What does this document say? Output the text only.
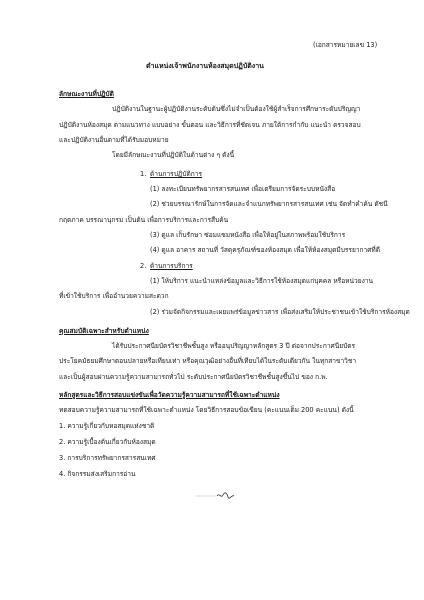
(เอกสารหมายเลข 13)
ตำแหน่งเจ้าพนักงานห้องสมุดปฏิบัติงาน
ลักษณะงานที่ปฏิบัติ
ปฏิบัติงานในฐานะผู้ปฏิบัติงานระดับต้นซึ่งไม่จำเป็นต้องใช้ผู้สำเร็จการศึกษาระดับปริญญา
ปฏิบัติงานห้องสมุด ตามแนวทาง แบบอย่าง ขั้นตอน และวิธีการที่ชัดเจน ภายใต้การกำกับ แนะนำ ตรวจสอบ
และปฏิบัติงานอื่นตามที่ได้รับมอบหมาย
โดยมีลักษณะงานที่ปฏิบัติในด้านต่าง ๆ ดังนี้
1. ด้านการปฏิบัติการ
(1) ลงทะเบียนทรัพยากรสารสนเทศ เพื่อเตรียมการจัดระบบหนังสือ
(2) ช่วยบรรณารักษ์ในการจัดและจำแนกทรัพยากรสารสนเทศ เช่น จัดทำคำค้น ดัชนี
กฤตภาค บรรณานุกรม เป็นต้น เพื่อการบริการและการสืบค้น
(3) ดูแล เก็บรักษา ซ่อมแซมหนังสือ เพื่อให้อยู่ในสภาพพร้อมใช้บริการ
(4) ดูแล อาคาร สถานที่ วัสดุครุภัณฑ์ของห้องสมุด เพื่อให้ห้องสมุดมีบรรยากาศที่ดี
2. ด้านการบริการ
(1) ให้บริการ แนะนำแหล่งข้อมูลและวิธีการใช้ห้องสมุดแก่บุคคล หรือหน่วยงาน
ที่เข้าใช้บริการ เพื่ออำนวยความสะดวก
(2) ร่วมจัดกิจกรรมและเผยแพร่ข้อมูลข่าวสาร เพื่อส่งเสริมให้ประชาชนเข้าใช้บริการห้องสมุด
คุณสมบัติเฉพาะสำหรับตำแหน่ง
ได้รับประกาศนียบัตรวิชาชีพชั้นสูง หรืออนุปริญญาหลักสูตร 3 ปี ต่อจากประกาศนียบัตร
ประโยคมัธยมศึกษาตอนปลายหรือเทียบเท่า หรือคุณวุฒิอย่างอื่นที่เทียบได้ในระดับเดียวกัน ในทุกสาขาวิชา
และเป็นผู้สอบผ่านความรู้ความสามารถทั่วไป ระดับประกาศนียบัตรวิชาชีพชั้นสูงขึ้นไป ของ ก.พ.
หลักสูตรและวิธีการสอบแข่งขันเพื่อวัดความรู้ความสามารถที่ใช้เฉพาะตำแหน่ง
ทดสอบความรู้ความสามารถที่ใช้เฉพาะตำแหน่ง โดยวิธีการสอบข้อเขียน (คะแนนเต็ม 200 คะแนน) ดังนี้
1. ความรู้เกี่ยวกับหอสมุดแห่งชาติ
2. ความรู้เบื้องต้นเกี่ยวกับห้องสมุด
3. การบริการทรัพยากรสารสนเทศ
4. กิจกรรมส่งเสริมการอ่าน
